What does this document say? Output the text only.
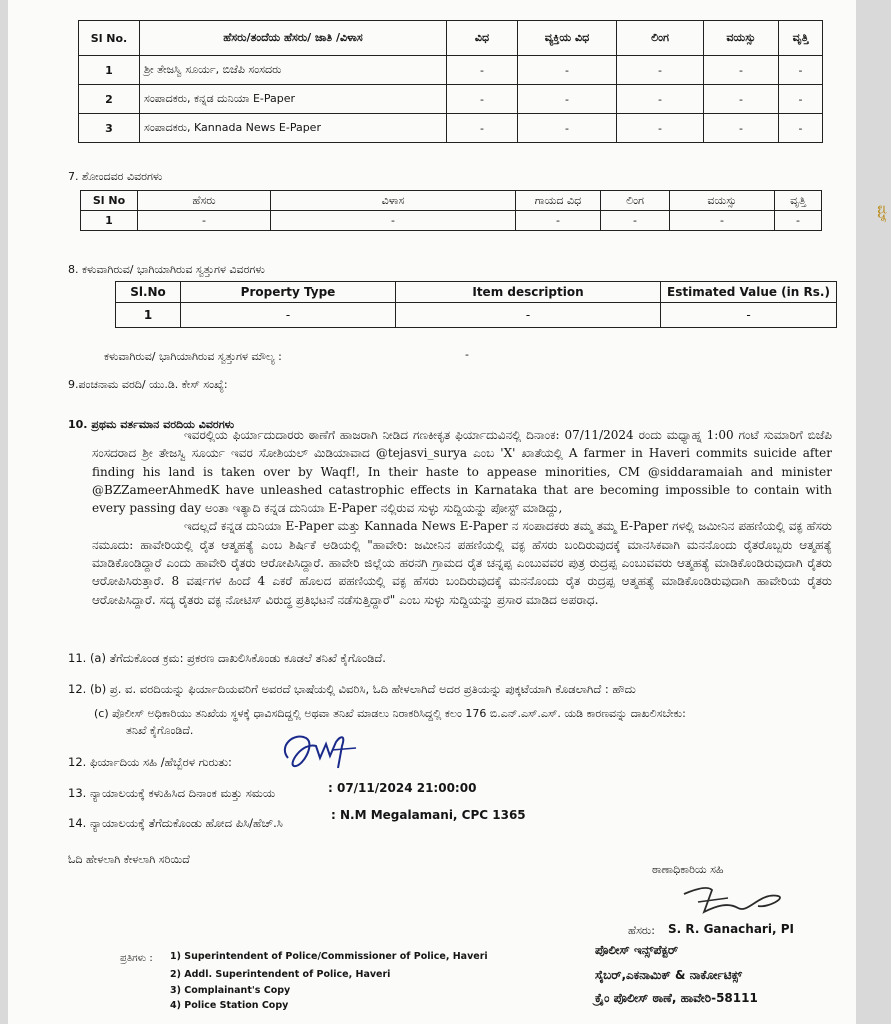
Sl No.	ಹೆಸರು/ತಂದೆಯ ಹೆಸರು/ ಜಾತಿ /ವಿಳಾಸ	ವಿಧ	ವ್ಯಕ್ತಿಯ ವಿಧ	ಲಿಂಗ	ವಯಸ್ಸು	ವೃತ್ತಿ
1	ಶ್ರೀ ತೇಜಸ್ವಿ ಸೂರ್ಯ, ಬಿಜೆಪಿ ಸಂಸದರು	-	-	-	-	-
2	ಸಂಪಾದಕರು, ಕನ್ನಡ ದುನಿಯಾ E-Paper	-	-	-	-	-
3	ಸಂಪಾದಕರು, Kannada News E-Paper	-	-	-	-	-
7. ಶೋಂದವರ ವಿವರಗಳು
Sl No	ಹೆಸರು	ವಿಳಾಸ	ಗಾಯದ ವಿಧ	ಲಿಂಗ	ವಯಸ್ಸು	ವೃತ್ತಿ
1	-	-	-	-	-	-
8. ಕಳುವಾಗಿರುವ/ ಭಾಗಿಯಾಗಿರುವ ಸ್ವತ್ತುಗಳ ವಿವರಗಳು
Sl.No	Property Type	Item description	Estimated Value (in Rs.)
1	-	-	-
ಕಳುವಾಗಿರುವ/ ಭಾಗಿಯಾಗಿರುವ ಸ್ವತ್ತುಗಳ ಮೌಲ್ಯ :	-
9.ಪಂಚನಾಮ ವರದಿ/ ಯು.ಡಿ. ಕೇಸ್ ಸಂಖ್ಯೆ:
10. ಪ್ರಥಮ ವರ್ತಮಾನ ವರದಿಯ ವಿವರಗಳು

ಇವರಲ್ಲಿಯ ಫಿರ್ಯಾದುದಾರರು ಠಾಣೆಗೆ ಹಾಜರಾಗಿ ನೀಡಿದ ಗಣಕೀಕೃತ ಫಿರ್ಯಾದುವಿನಲ್ಲಿ ದಿನಾಂಕ: 07/11/2024 ರಂದು ಮಧ್ಯಾಹ್ನ 1:00 ಗಂಟೆ ಸುಮಾರಿಗೆ ಬಿಜೆಪಿ ಸಂಸದರಾದ ಶ್ರೀ ತೇಜಸ್ವಿ ಸೂರ್ಯ ಇವರ ಸೋಶಿಯಲ್ ಮಿಡಿಯಾವಾದ @tejasvi_surya ಎಂಬ 'X' ಖಾತೆಯಲ್ಲಿ A farmer in Haveri commits suicide after finding his land is taken over by Waqf!, In their haste to appease minorities, CM @siddaramaiah and minister @BZZameerAhmedK have unleashed catastrophic effects in Karnataka that are becoming impossible to contain with every passing day ಅಂತಾ ಇತ್ಯಾದಿ ಕನ್ನಡ ದುನಿಯಾ E-Paper ನಲ್ಲಿರುವ ಸುಳ್ಳು ಸುದ್ದಿಯನ್ನು ಪೋಸ್ಟ್ ಮಾಡಿದ್ದು,

ಇದಲ್ಲದೆ ಕನ್ನಡ ದುನಿಯಾ E-Paper ಮತ್ತು Kannada News E-Paper ನ ಸಂಪಾದಕರು ತಮ್ಮ ತಮ್ಮ E-Paper ಗಳಲ್ಲಿ ಜಮೀನಿನ ಪಹಣಿಯಲ್ಲಿ ವಕ್ಫ ಹೆಸರು ನಮೂದು: ಹಾವೇರಿಯಲ್ಲಿ ರೈತ ಆತ್ಮಹತ್ಯೆ ಎಂಬ ಶಿರ್ಷಿಕೆ ಅಡಿಯಲ್ಲಿ "ಹಾವೇರಿ: ಜಮೀನಿನ ಪಹಣಿಯಲ್ಲಿ ವಕ್ಫ ಹೆಸರು ಬಂದಿರುವುದಕ್ಕೆ ಮಾನಸಿಕವಾಗಿ ಮನನೊಂದು ರೈತರೊಬ್ಬರು ಆತ್ಮಹತ್ಯೆ ಮಾಡಿಕೊಂಡಿದ್ದಾರೆ ಎಂದು ಹಾವೇರಿ ರೈತರು ಆರೋಪಿಸಿದ್ದಾರೆ. ಹಾವೇರಿ ಜಿಲ್ಲೆಯ ಹರನಗಿ ಗ್ರಾಮದ ರೈತ ಚನ್ನಪ್ಪ ಎಂಬುವವರ ಪುತ್ರ ರುದ್ರಪ್ಪ ಎಂಬುವವರು ಆತ್ಮಹತ್ಯೆ ಮಾಡಿಕೊಂಡಿರುವುದಾಗಿ ರೈತರು ಆರೋಪಿಸಿರುತ್ತಾರೆ. 8 ವರ್ಷಗಳ ಹಿಂದೆ 4 ಎಕರೆ ಹೊಲದ ಪಹಣಿಯಲ್ಲಿ ವಕ್ಫ ಹೆಸರು ಬಂದಿರುವುದಕ್ಕೆ ಮನನೊಂದು ರೈತ ರುದ್ರಪ್ಪ ಆತ್ಮಹತ್ಯೆ ಮಾಡಿಕೊಂಡಿರುವುದಾಗಿ ಹಾವೇರಿಯ ರೈತರು ಆರೋಪಿಸಿದ್ದಾರೆ. ಸದ್ಯ ರೈತರು ವಕ್ಫ ನೋಟಿಸ್ ವಿರುದ್ಧ ಪ್ರತಿಭಟನೆ ನಡೆಸುತ್ತಿದ್ದಾರೆ" ಎಂಬ ಸುಳ್ಳು ಸುದ್ದಿಯನ್ನು ಪ್ರಸಾರ ಮಾಡಿದ ಅಪರಾಧ.

11. (a) ತೆಗೆದುಕೊಂಡ ಕ್ರಮ: ಪ್ರಕರಣ ದಾಖಲಿಸಿಕೊಂಡು ಕೂಡಲೆ ತನಿಖೆ ಕೈಗೊಂಡಿದೆ.
12. (b) ಪ್ರ. ವ. ವರದಿಯನ್ನು ಫಿರ್ಯಾದಿಯವರಿಗೆ ಅವರದೆ ಭಾಷೆಯಲ್ಲಿ ವಿವರಿಸಿ, ಓದಿ ಹೇಳಲಾಗಿದೆ ಅದರ ಪ್ರತಿಯನ್ನು ಪುಕ್ಕಟೆಯಾಗಿ ಕೊಡಲಾಗಿದೆ : ಹೌದು
(c) ಪೊಲೀಸ್ ಅಧಿಕಾರಿಯು ತನಿಖೆಯ ಸ್ಥಳಕ್ಕೆ ಧಾವಿಸದಿದ್ದಲ್ಲಿ ಅಥವಾ ತನಿಖೆ ಮಾಡಲು ನಿರಾಕರಿಸಿದ್ದಲ್ಲಿ ಕಲಂ 176 ಬಿ.ಎನ್.ಎಸ್.ಎಸ್. ಯಡಿ ಕಾರಣವನ್ನು ದಾಖಲಿಸಬೇಕು:
ತನಿಖೆ ಕೈಗೊಂಡಿದೆ.
12. ಫಿರ್ಯಾದಿಯ ಸಹಿ /ಹೆಬ್ಬೆರಳ ಗುರುತು:
13. ನ್ಯಾಯಾಲಯಕ್ಕೆ ಕಳುಹಿಸಿದ ದಿನಾಂಕ ಮತ್ತು ಸಮಯ	: 07/11/2024 21:00:00
14. ನ್ಯಾಯಾಲಯಕ್ಕೆ ತೆಗೆದುಕೊಂಡು ಹೋದ ಪಿಸಿ/ಹೆಚ್.ಸಿ
: N.M Megalamani, CPC 1365
ಓದಿ ಹೇಳಲಾಗಿ ಕೇಳಲಾಗಿ ಸರಿಯಿದೆ
ಠಾಣಾಧಿಕಾರಿಯ ಸಹಿ
ಹೆಸರು: S. R. Ganachari, PI
ಪೊಲೀಸ್ ಇನ್ಸ್‌ಪೆಕ್ಟರ್
ಸೈಬರ್,ಎಕನಾಮಿಕ್ & ನಾರ್ಕೋಟಿಕ್ಸ್
ಕ್ರೈಂ ಪೊಲೀಸ್ ಠಾಣೆ, ಹಾವೇರಿ-58111
ಪ್ರತಿಗಳು : 1) Superintendent of Police/Commissioner of Police, Haveri
2) Addl. Superintendent of Police, Haveri
3) Complainant's Copy
4) Police Station Copy
ಮ್
